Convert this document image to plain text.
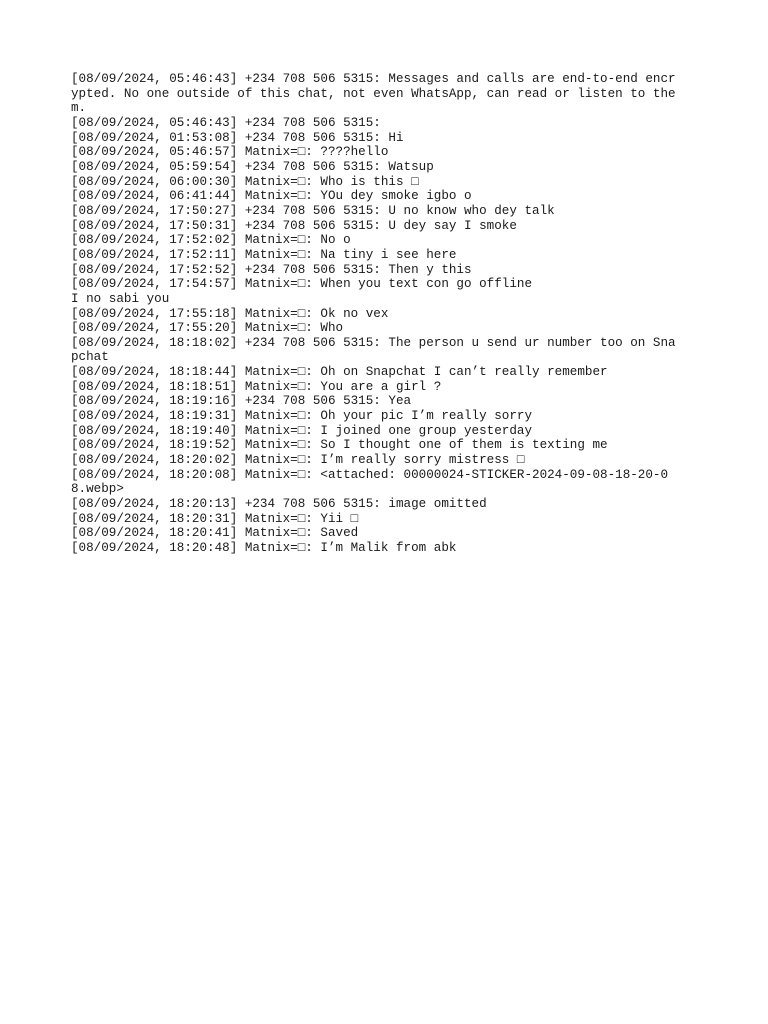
[08/09/2024, 05:46:43] +234 708 506 5315: Messages and calls are end-to-end encrypted. No one outside of this chat, not even WhatsApp, can read or listen to them.

[08/09/2024, 05:46:43] +234 708 506 5315:

[08/09/2024, 01:53:08] +234 708 506 5315: Hi

[08/09/2024, 05:46:57] Matnix=□: ????hello

[08/09/2024, 05:59:54] +234 708 506 5315: Watsup

[08/09/2024, 06:00:30] Matnix=□: Who is this □

[08/09/2024, 06:41:44] Matnix=□: YOu dey smoke igbo o

[08/09/2024, 17:50:27] +234 708 506 5315: U no know who dey talk

[08/09/2024, 17:50:31] +234 708 506 5315: U dey say I smoke

[08/09/2024, 17:52:02] Matnix=□: No o

[08/09/2024, 17:52:11] Matnix=□: Na tiny i see here

[08/09/2024, 17:52:52] +234 708 506 5315: Then y this

[08/09/2024, 17:54:57] Matnix=□: When you text con go offline
I no sabi you

[08/09/2024, 17:55:18] Matnix=□: Ok no vex

[08/09/2024, 17:55:20] Matnix=□: Who

[08/09/2024, 18:18:02] +234 708 506 5315: The person u send ur number too on Snapchat

[08/09/2024, 18:18:44] Matnix=□: Oh on Snapchat I can’t really remember

[08/09/2024, 18:18:51] Matnix=□: You are a girl ?

[08/09/2024, 18:19:16] +234 708 506 5315: Yea

[08/09/2024, 18:19:31] Matnix=□: Oh your pic I’m really sorry

[08/09/2024, 18:19:40] Matnix=□: I joined one group yesterday

[08/09/2024, 18:19:52] Matnix=□: So I thought one of them is texting me

[08/09/2024, 18:20:02] Matnix=□: I’m really sorry mistress □

[08/09/2024, 18:20:08] Matnix=□: <attached: 00000024-STICKER-2024-09-08-18-20-08.webp>

[08/09/2024, 18:20:13] +234 708 506 5315: image omitted

[08/09/2024, 18:20:31] Matnix=□: Yii □

[08/09/2024, 18:20:41] Matnix=□: Saved

[08/09/2024, 18:20:48] Matnix=□: I’m Malik from abk
